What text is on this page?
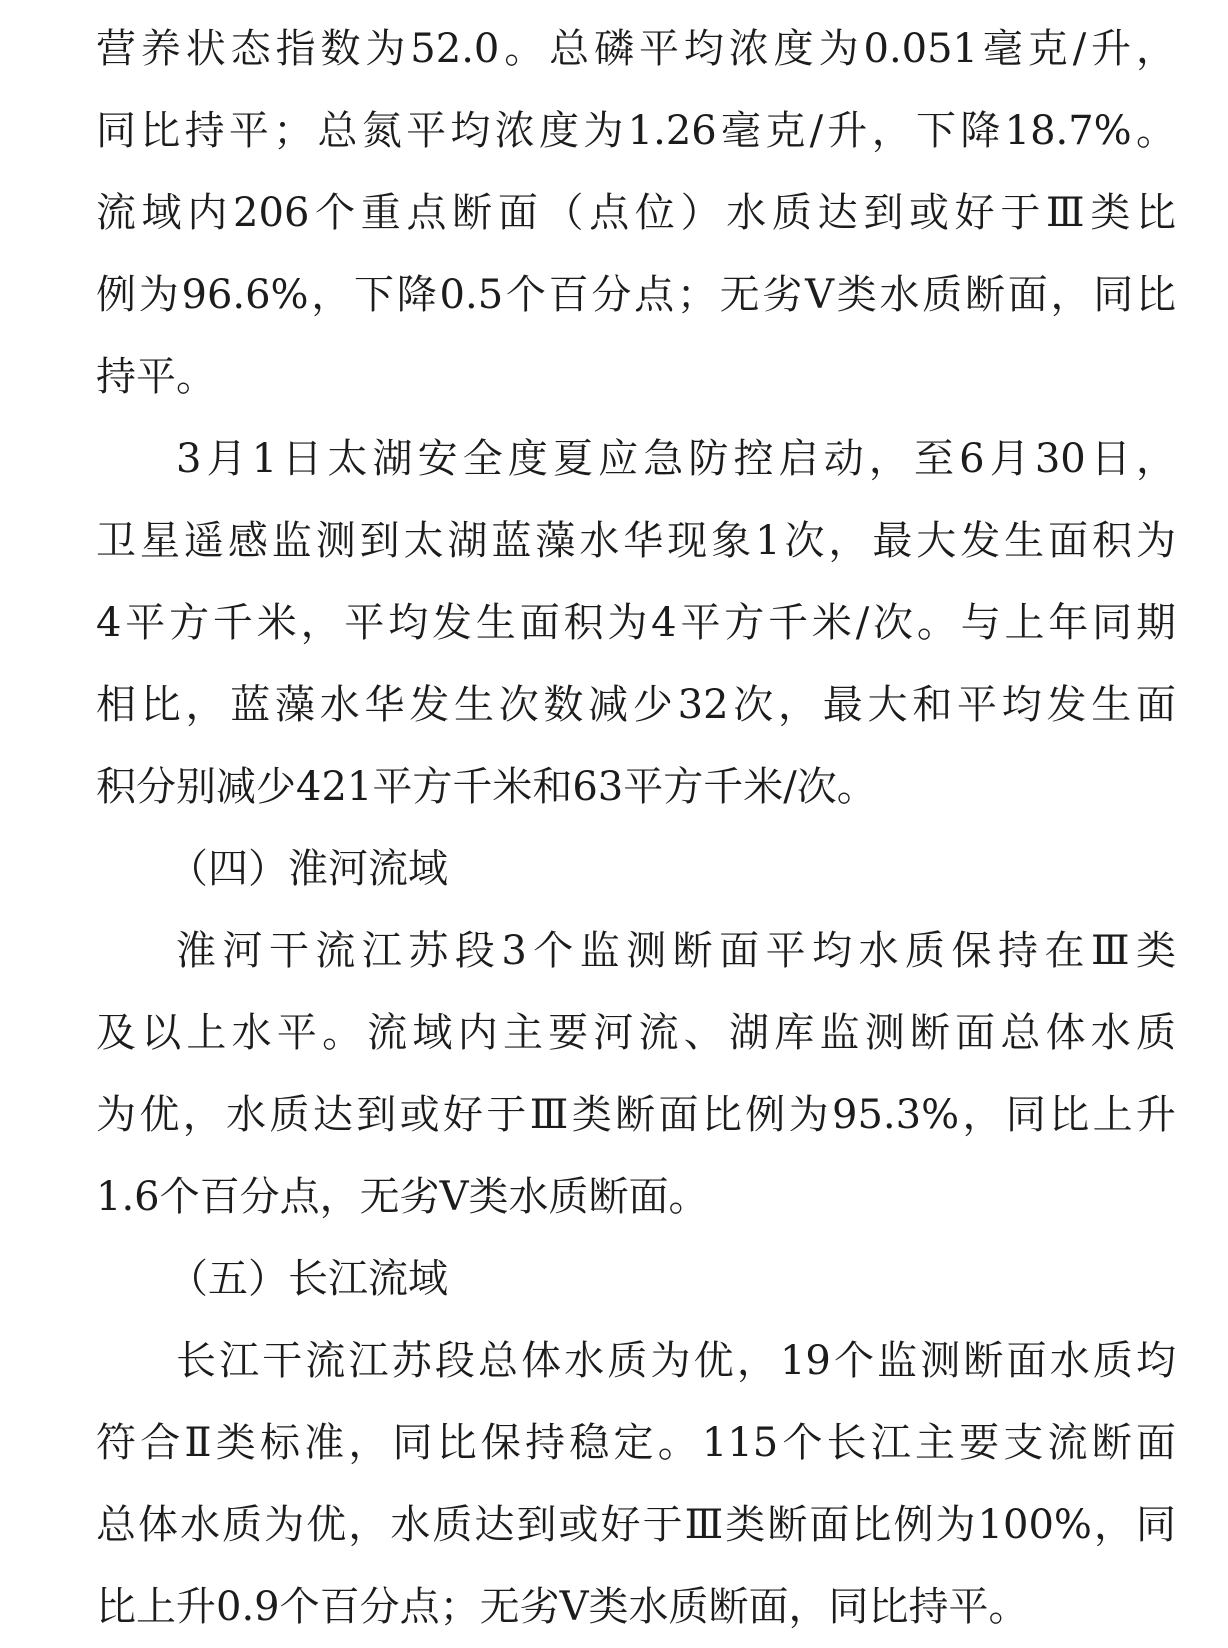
营养状态指数为52.0。总磷平均浓度为0.051毫克/升，
同比持平；总氮平均浓度为1.26毫克/升，下降18.7%。
流域内206个重点断面（点位）水质达到或好于Ⅲ类比
例为96.6%，下降0.5个百分点；无劣Ⅴ类水质断面，同比
持平。
3月1日太湖安全度夏应急防控启动，至6月30日，
卫星遥感监测到太湖蓝藻水华现象1次，最大发生面积为
4平方千米，平均发生面积为4平方千米/次。与上年同期
相比，蓝藻水华发生次数减少32次，最大和平均发生面
积分别减少421平方千米和63平方千米/次。
（四）淮河流域
淮河干流江苏段3个监测断面平均水质保持在Ⅲ类
及以上水平。流域内主要河流、湖库监测断面总体水质
为优，水质达到或好于Ⅲ类断面比例为95.3%，同比上升
1.6个百分点，无劣Ⅴ类水质断面。
（五）长江流域
长江干流江苏段总体水质为优，19个监测断面水质均
符合Ⅱ类标准，同比保持稳定。115个长江主要支流断面
总体水质为优，水质达到或好于Ⅲ类断面比例为100%，同
比上升0.9个百分点；无劣Ⅴ类水质断面，同比持平。
